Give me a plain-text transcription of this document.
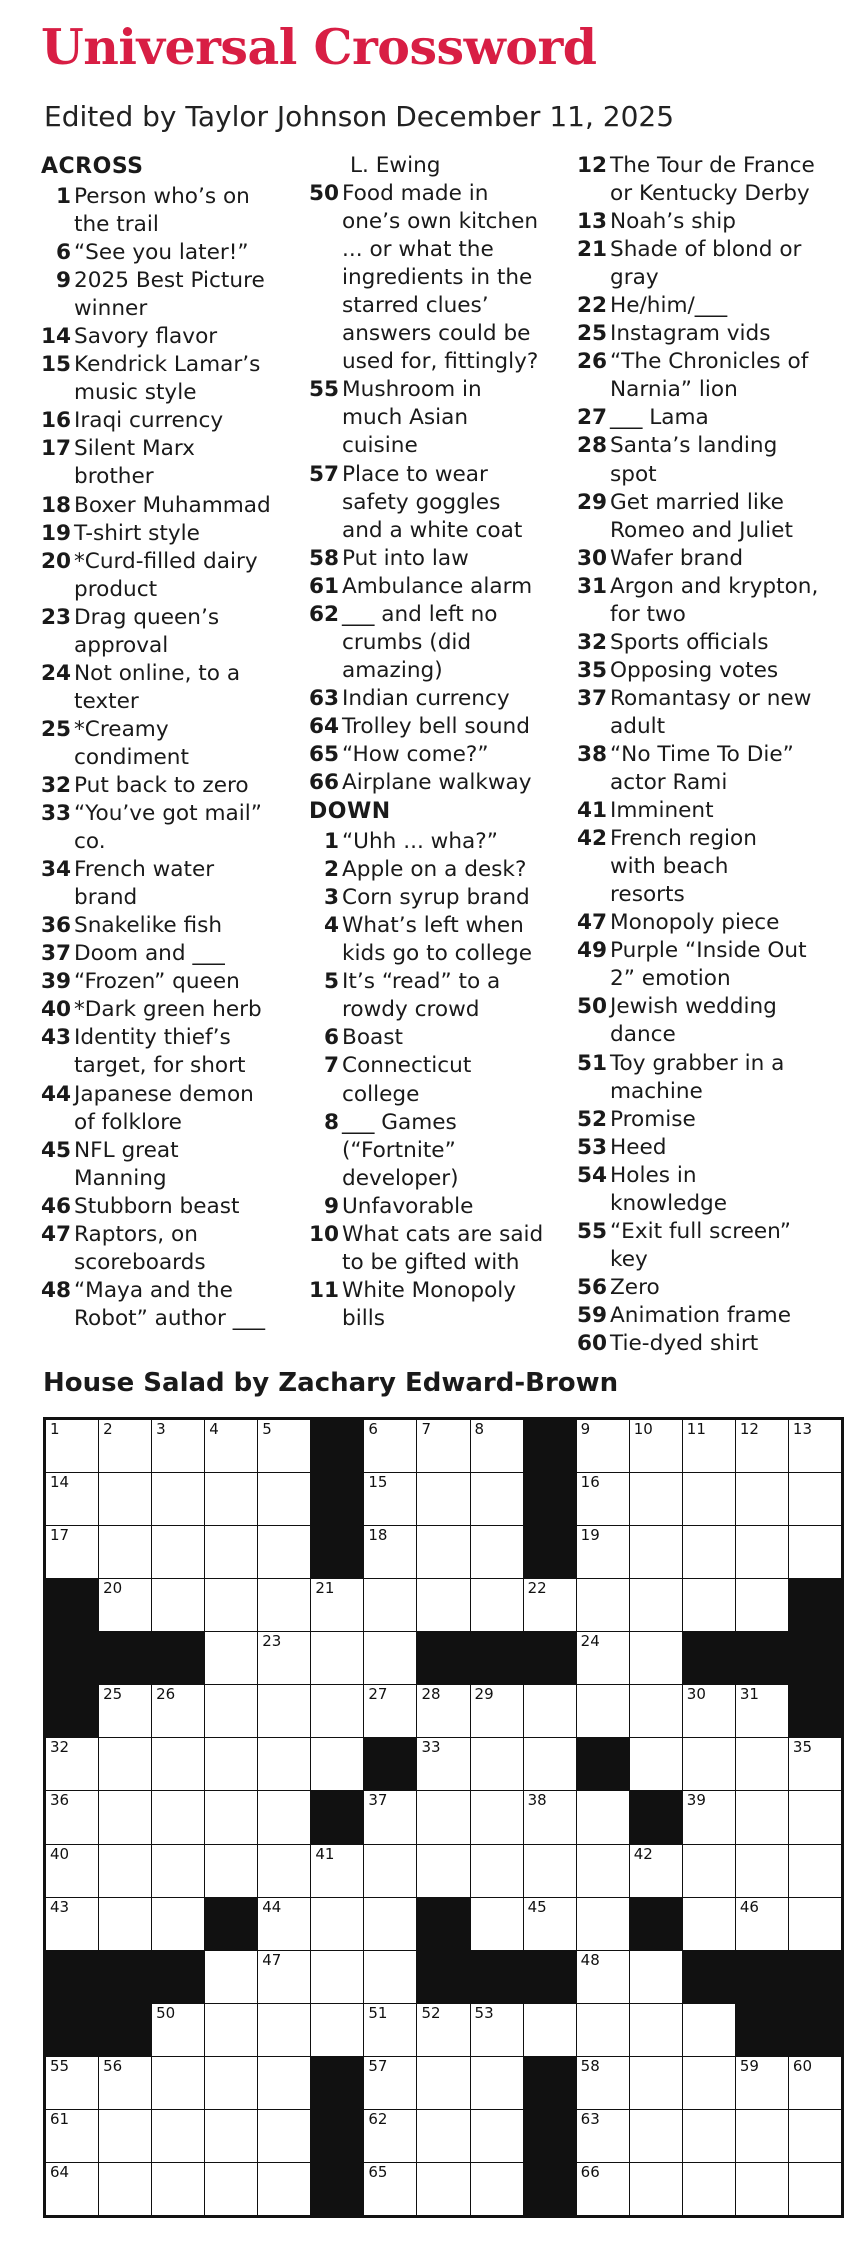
Universal Crossword
Edited by Taylor Johnson December 11, 2025
ACROSS
1 Person who’s on
the trail
6 “See you later!”
9 2025 Best Picture
winner
14 Savory flavor
15 Kendrick Lamar’s
music style
16 Iraqi currency
17 Silent Marx
brother
18 Boxer Muhammad
19 T-shirt style
20 *Curd-filled dairy
product
23 Drag queen’s
approval
24 Not online, to a
texter
25 *Creamy
condiment
32 Put back to zero
33 “You’ve got mail”
co.
34 French water
brand
36 Snakelike fish
37 Doom and ___
39 “Frozen” queen
40 *Dark green herb
43 Identity thief’s
target, for short
44 Japanese demon
of folklore
45 NFL great
Manning
46 Stubborn beast
47 Raptors, on
scoreboards
48 “Maya and the
Robot” author ___
L. Ewing
50 Food made in
one’s own kitchen
... or what the
ingredients in the
starred clues’
answers could be
used for, fittingly?
55 Mushroom in
much Asian
cuisine
57 Place to wear
safety goggles
and a white coat
58 Put into law
61 Ambulance alarm
62 ___ and left no
crumbs (did
amazing)
63 Indian currency
64 Trolley bell sound
65 “How come?”
66 Airplane walkway
DOWN
1 “Uhh ... wha?”
2 Apple on a desk?
3 Corn syrup brand
4 What’s left when
kids go to college
5 It’s “read” to a
rowdy crowd
6 Boast
7 Connecticut
college
8 ___ Games
(“Fortnite”
developer)
9 Unfavorable
10 What cats are said
to be gifted with
11 White Monopoly
bills
12 The Tour de France
or Kentucky Derby
13 Noah’s ship
21 Shade of blond or
gray
22 He/him/___
25 Instagram vids
26 “The Chronicles of
Narnia” lion
27 ___ Lama
28 Santa’s landing
spot
29 Get married like
Romeo and Juliet
30 Wafer brand
31 Argon and krypton,
for two
32 Sports officials
35 Opposing votes
37 Romantasy or new
adult
38 “No Time To Die”
actor Rami
41 Imminent
42 French region
with beach
resorts
47 Monopoly piece
49 Purple “Inside Out
2” emotion
50 Jewish wedding
dance
51 Toy grabber in a
machine
52 Promise
53 Heed
54 Holes in
knowledge
55 “Exit full screen”
key
56 Zero
59 Animation frame
60 Tie-dyed shirt
House Salad by Zachary Edward-Brown
1	2	3	4	5	6	7	8	9	10 11 12 13
14	15	16
17	18	19
20	21	22
23	24
25 26	27 28 29	30 31
32	33	35
36	37	38	39
40	41	42
43	44	45	46
47	48
50	51 52 53
55 56	57	58	59 60
61	62	63
64	65	66
